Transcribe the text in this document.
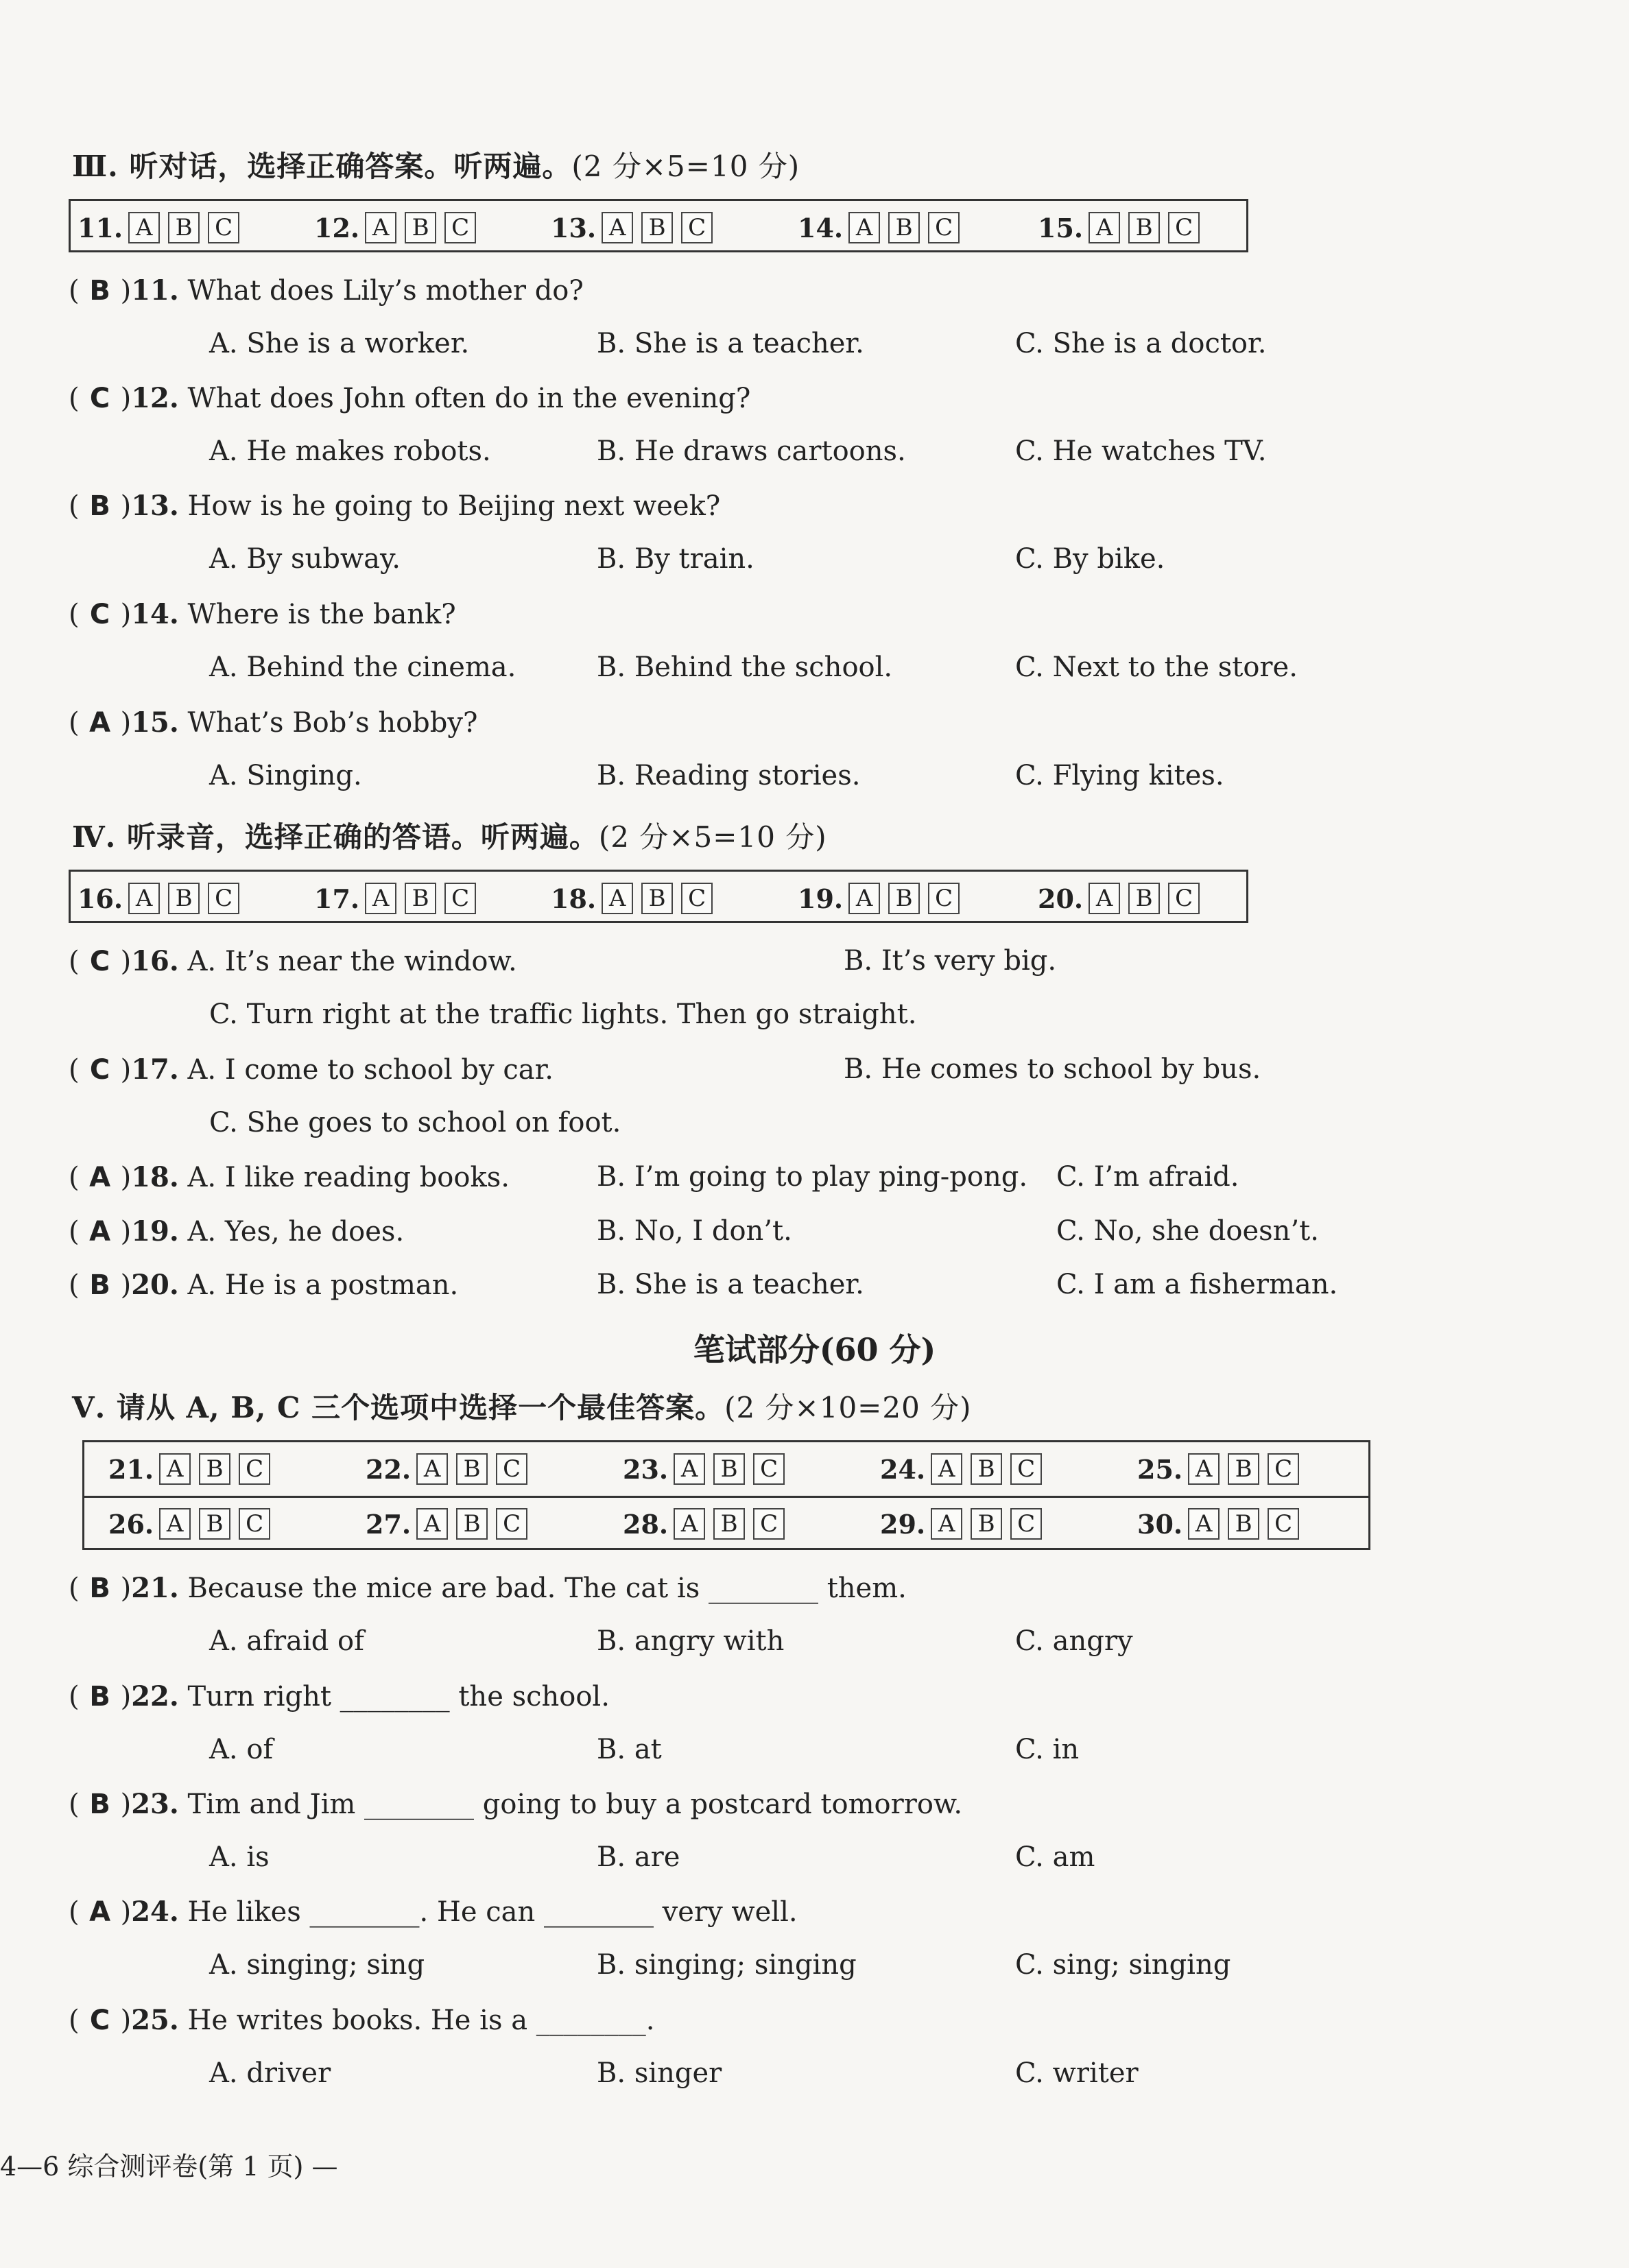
Ⅲ. 听对话，选择正确答案。听两遍。(2 分×5=10 分)
11. A B C	12. A B C	13. A B C	14. A B C	15. A B C
( B )11. What does Lily’s mother do?
A. She is a worker.	B. She is a teacher.	C. She is a doctor.
( C )12. What does John often do in the evening?
A. He makes robots.	B. He draws cartoons.	C. He watches TV.
( B )13. How is he going to Beijing next week?
A. By subway.	B. By train.	C. By bike.
( C )14. Where is the bank?
A. Behind the cinema.	B. Behind the school.	C. Next to the store.
( A )15. What’s Bob’s hobby?
A. Singing.	B. Reading stories.	C. Flying kites.
Ⅳ. 听录音，选择正确的答语。听两遍。(2 分×5=10 分)
16. A B C	17. A B C	18. A B C	19. A B C	20. A B C
( C )16. A. It’s near the window.	B. It’s very big.
C. Turn right at the traffic lights. Then go straight.
( C )17. A. I come to school by car.	B. He comes to school by bus.
C. She goes to school on foot.
( A )18. A. I like reading books.	B. I’m going to play ping-pong. C. I’m afraid.
( A )19. A. Yes, he does.	B. No, I don’t.	C. No, she doesn’t.
( B )20. A. He is a postman.	B. She is a teacher.	C. I am a fisherman.
笔试部分(60 分)
Ⅴ. 请从 A, B, C 三个选项中选择一个最佳答案。(2 分×10=20 分)
21. A B C	22. A B C	23. A B C	24. A B C	25. A B C
26. A B C	27. A B C	28. A B C	29. A B C	30. A B C
( B )21. Because the mice are bad. The cat is ________ them.
A. afraid of	B. angry with	C. angry
( B )22. Turn right ________ the school.
A. of	B. at	C. in
( B )23. Tim and Jim ________ going to buy a postcard tomorrow.
A. is	B. are	C. am
( A )24. He likes ________. He can ________ very well.
A. singing; sing	B. singing; singing	C. sing; singing
( C )25. He writes books. He is a ________.
A. driver	B. singer	C. writer
4—6 综合测评卷(第 1 页) —
